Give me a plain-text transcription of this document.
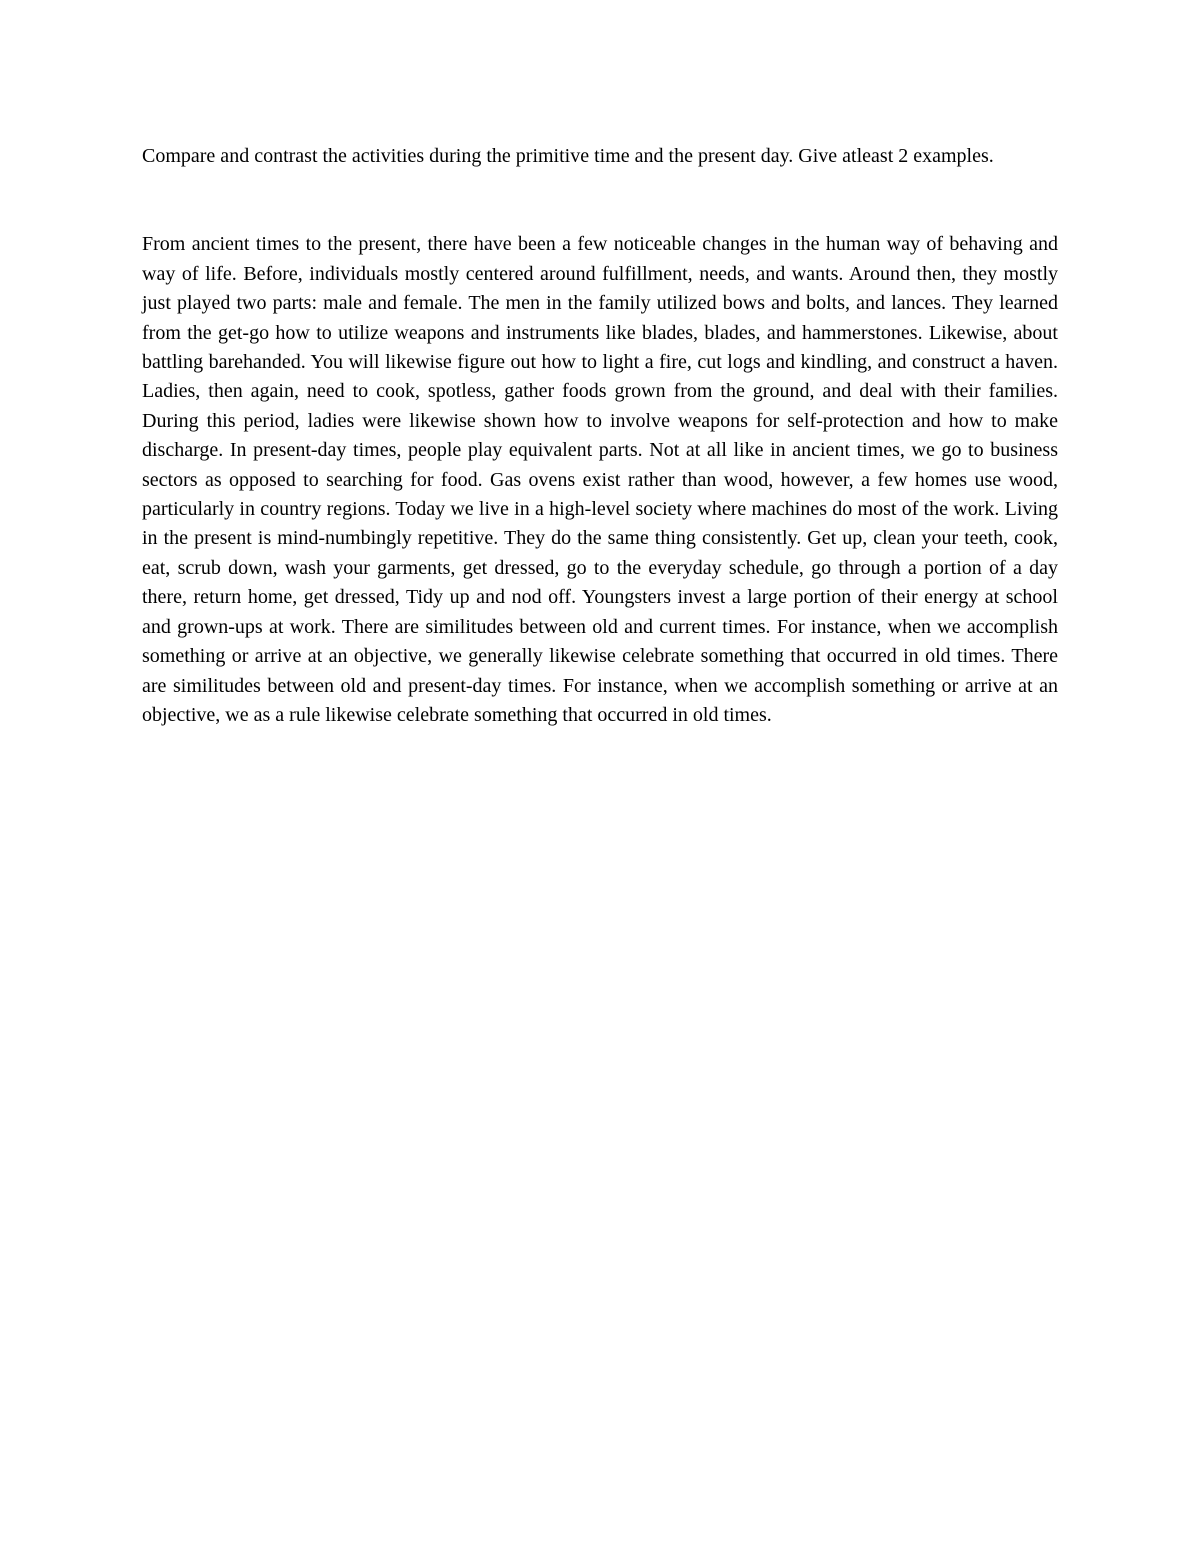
Compare and contrast the activities during the primitive time and the present day. Give atleast 2 examples.

From ancient times to the present, there have been a few noticeable changes in the human way of behaving and way of life. Before, individuals mostly centered around fulfillment, needs, and wants. Around then, they mostly just played two parts: male and female. The men in the family utilized bows and bolts, and lances. They learned from the get-go how to utilize weapons and instruments like blades, blades, and hammerstones. Likewise, about battling barehanded. You will likewise figure out how to light a fire, cut logs and kindling, and construct a haven. Ladies, then again, need to cook, spotless, gather foods grown from the ground, and deal with their families. During this period, ladies were likewise shown how to involve weapons for self-protection and how to make discharge. In present-day times, people play equivalent parts. Not at all like in ancient times, we go to business sectors as opposed to searching for food. Gas ovens exist rather than wood, however, a few homes use wood, particularly in country regions. Today we live in a high-level society where machines do most of the work. Living in the present is mind-numbingly repetitive. They do the same thing consistently. Get up, clean your teeth, cook, eat, scrub down, wash your garments, get dressed, go to the everyday schedule, go through a portion of a day there, return home, get dressed, Tidy up and nod off. Youngsters invest a large portion of their energy at school and grown-ups at work. There are similitudes between old and current times. For instance, when we accomplish something or arrive at an objective, we generally likewise celebrate something that occurred in old times. There are similitudes between old and present-day times. For instance, when we accomplish something or arrive at an objective, we as a rule likewise celebrate something that occurred in old times.
